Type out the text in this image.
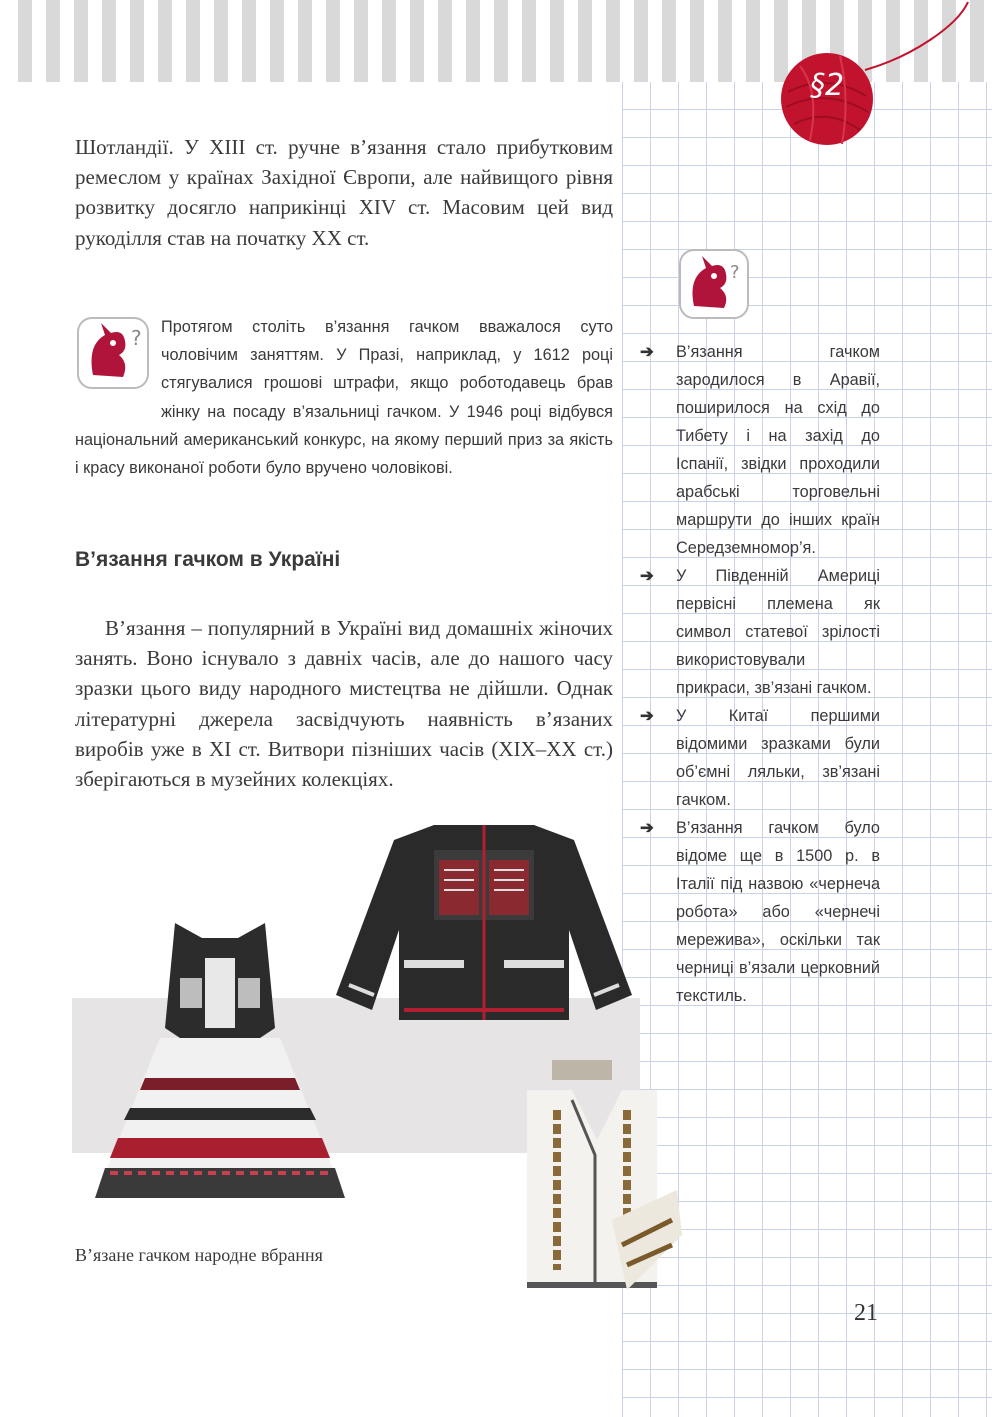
§2

Шотландії. У XIII ст. ручне в’язання стало прибутковим ремеслом у країнах Західної Європи, але найвищого рівня розвитку досягло наприкінці XIV ст. Масовим цей вид рукоділля став на початку XX ст.

? Протягом століть в’язання гачком вважалося суто чоловічим заняттям. У Празі, наприклад, у 1612 році стягувалися грошові штрафи, якщо роботодавець брав жінку на посаду в’язальниці гачком. У 1946 році відбувся національний американський конкурс, на якому перший приз за якість і красу виконаної роботи було вручено чоловікові.
В’язання гачком в Україні

В’язання – популярний в Україні вид домашніх жіночих занять. Воно існувало з давніх часів, але до нашого часу зразки цього виду народного мистецтва не дійшли. Однак літературні джерела засвідчують наявність в’язаних виробів уже в XI ст. Витвори пізніших часів (XIX–XX ст.) зберігаються в музейних колекціях.

?
➔ В’язання гачком зародилося в Аравії, поширилося на схід до Тибету і на захід до Іспанії, звідки проходили арабські торговельні маршрути до інших країн Середземномор’я.
➔ У Південній Америці первісні племена як символ статевої зрілості використовували прикраси, зв’язані гачком.
➔ У Китаї першими відомими зразками були об’ємні ляльки, зв’язані гачком.
➔ В’язання гачком було відоме ще в 1500 р. в Італії під назвою «чернеча робота» або «чернечі мережива», оскільки так черниці в’язали церковний текстиль.

В’язане гачком народне вбрання

21
